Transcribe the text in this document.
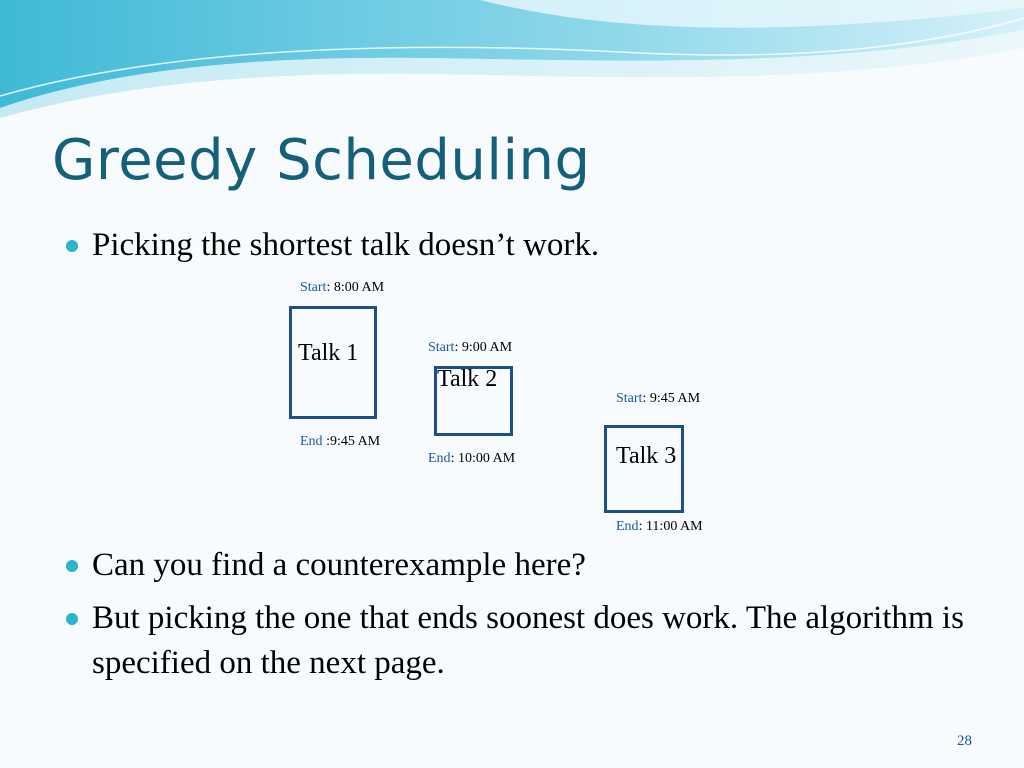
Greedy Scheduling

Picking the shortest talk doesn’t work.

Start: 8:00 AM
Talk 1
End :9:45 AM
Start: 9:00 AM
Talk 2
End: 10:00 AM
Start: 9:45 AM
Talk 3
End: 11:00 AM

Can you find a counterexample here?

But picking the one that ends soonest does work. The algorithm is specified on the next page.

28
